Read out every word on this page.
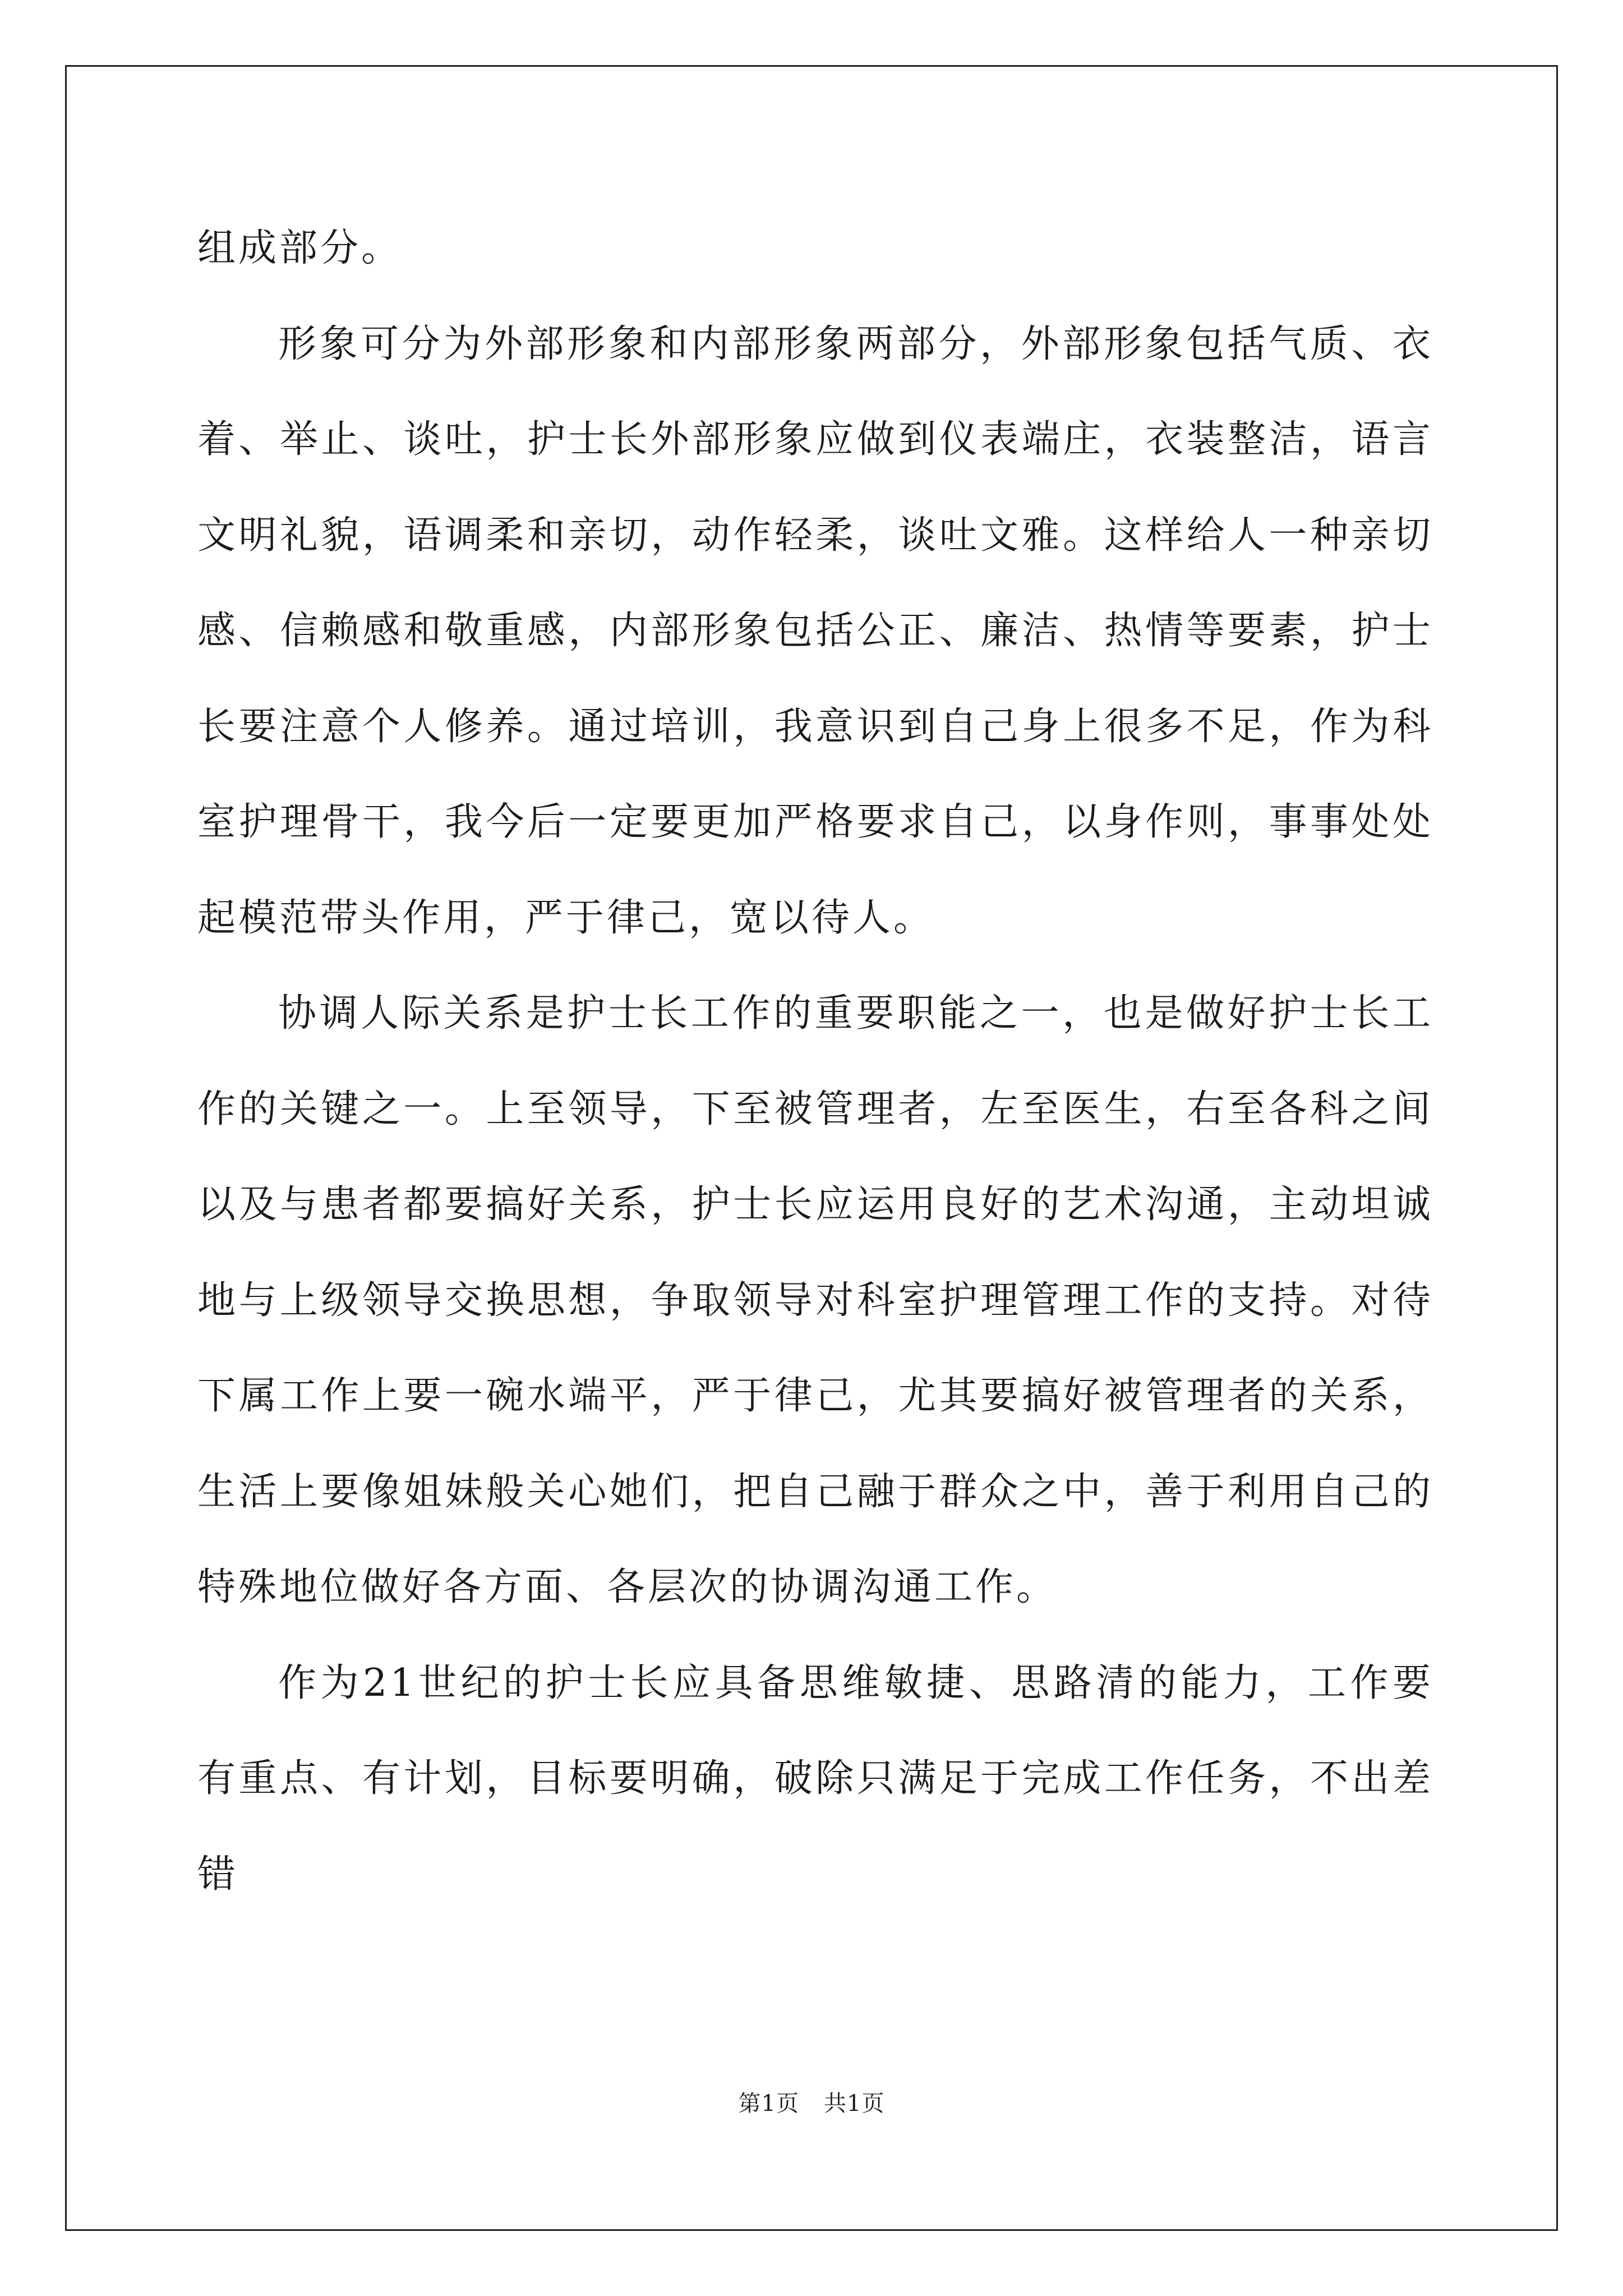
组成部分。

形象可分为外部形象和内部形象两部分，外部形象包括气质、衣着、举止、谈吐，护士长外部形象应做到仪表端庄，衣装整洁，语言文明礼貌，语调柔和亲切，动作轻柔，谈吐文雅。这样给人一种亲切感、信赖感和敬重感，内部形象包括公正、廉洁、热情等要素，护士长要注意个人修养。通过培训，我意识到自己身上很多不足，作为科室护理骨干，我今后一定要更加严格要求自己，以身作则，事事处处起模范带头作用，严于律己，宽以待人。

协调人际关系是护士长工作的重要职能之一，也是做好护士长工作的关键之一。上至领导，下至被管理者，左至医生，右至各科之间以及与患者都要搞好关系，护士长应运用良好的艺术沟通，主动坦诚地与上级领导交换思想，争取领导对科室护理管理工作的支持。对待下属工作上要一碗水端平，严于律己，尤其要搞好被管理者的关系，生活上要像姐妹般关心她们，把自己融于群众之中，善于利用自己的特殊地位做好各方面、各层次的协调沟通工作。

作为21世纪的护士长应具备思维敏捷、思路清的能力，工作要有重点、有计划，目标要明确，破除只满足于完成工作任务，不出差错

第1页 共1页
